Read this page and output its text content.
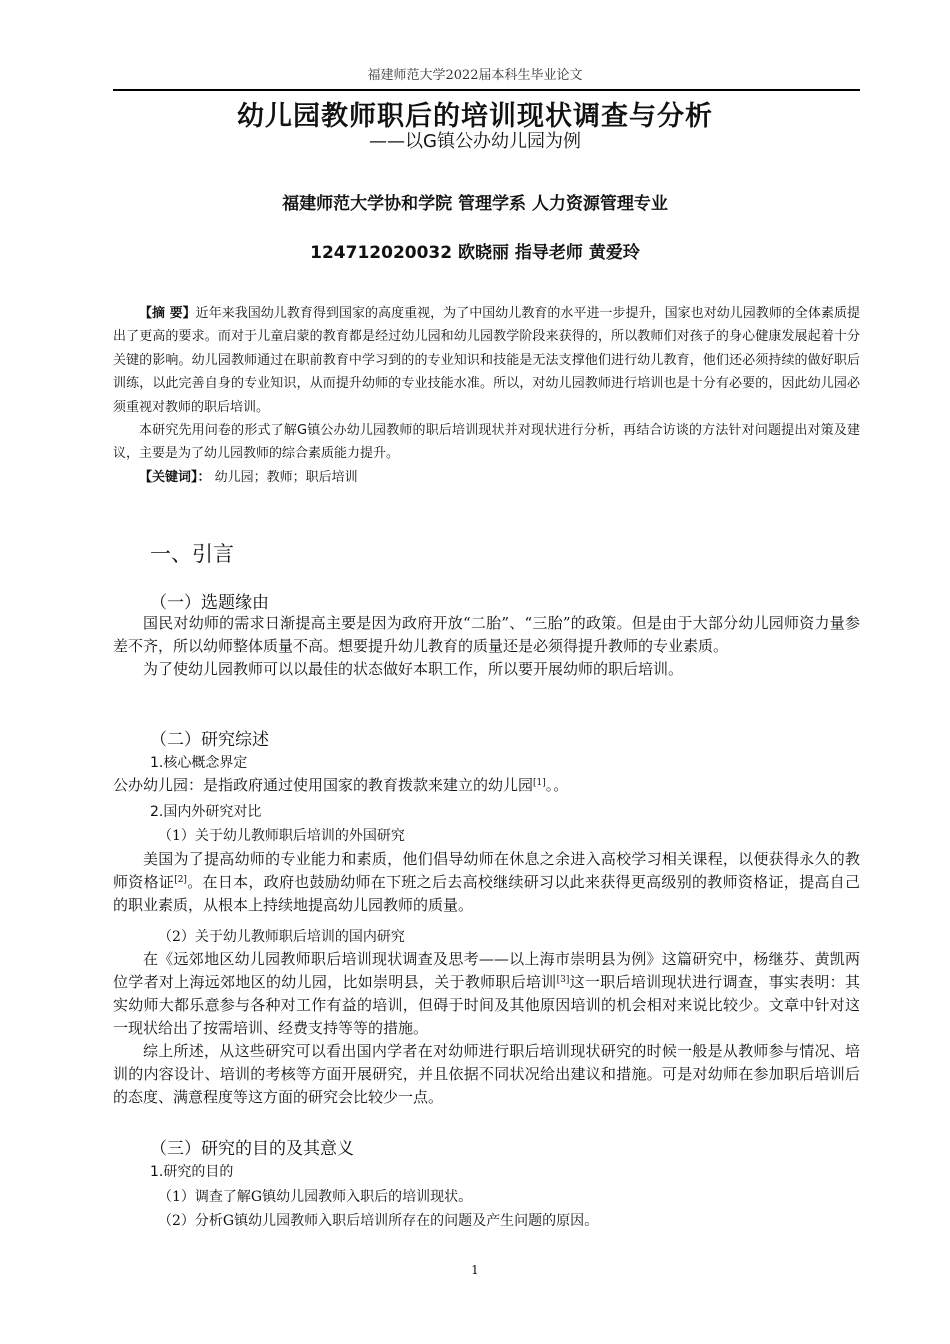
福建师范大学2022届本科生毕业论文
幼儿园教师职后的培训现状调查与分析
——以G镇公办幼儿园为例
福建师范大学协和学院 管理学系 人力资源管理专业
124712020032 欧晓丽 指导老师 黄爱玲

【摘 要】近年来我国幼儿教育得到国家的高度重视，为了中国幼儿教育的水平进一步提升，国家也对幼儿园教师的全体素质提出了更高的要求。而对于儿童启蒙的教育都是经过幼儿园和幼儿园教学阶段来获得的，所以教师们对孩子的身心健康发展起着十分关键的影响。幼儿园教师通过在职前教育中学习到的的专业知识和技能是无法支撑他们进行幼儿教育，他们还必须持续的做好职后训练，以此完善自身的专业知识，从而提升幼师的专业技能水准。所以，对幼儿园教师进行培训也是十分有必要的，因此幼儿园必须重视对教师的职后培训。

本研究先用问卷的形式了解G镇公办幼儿园教师的职后培训现状并对现状进行分析，再结合访谈的方法针对问题提出对策及建议，主要是为了幼儿园教师的综合素质能力提升。

【关键词】： 幼儿园；教师；职后培训

一、引言
（一）选题缘由

国民对幼师的需求日渐提高主要是因为政府开放“二胎”、“三胎”的政策。但是由于大部分幼儿园师资力量参差不齐，所以幼师整体质量不高。想要提升幼儿教育的质量还是必须得提升教师的专业素质。

为了使幼儿园教师可以以最佳的状态做好本职工作，所以要开展幼师的职后培训。

（二）研究综述
1.核心概念界定

公办幼儿园：是指政府通过使用国家的教育拨款来建立的幼儿园[1]。。

2.国内外研究对比
（1）关于幼儿教师职后培训的外国研究

美国为了提高幼师的专业能力和素质，他们倡导幼师在休息之余进入高校学习相关课程，以便获得永久的教师资格证[2]。在日本，政府也鼓励幼师在下班之后去高校继续研习以此来获得更高级别的教师资格证，提高自己的职业素质，从根本上持续地提高幼儿园教师的质量。

（2）关于幼儿教师职后培训的国内研究

在《远郊地区幼儿园教师职后培训现状调查及思考——以上海市崇明县为例》这篇研究中，杨继芬、黄凯两位学者对上海远郊地区的幼儿园，比如崇明县，关于教师职后培训[3]这一职后培训现状进行调查，事实表明：其实幼师大都乐意参与各种对工作有益的培训，但碍于时间及其他原因培训的机会相对来说比较少。文章中针对这一现状给出了按需培训、经费支持等等的措施。

综上所述，从这些研究可以看出国内学者在对幼师进行职后培训现状研究的时候一般是从教师参与情况、培训的内容设计、培训的考核等方面开展研究，并且依据不同状况给出建议和措施。可是对幼师在参加职后培训后的态度、满意程度等这方面的研究会比较少一点。

（三）研究的目的及其意义
1.研究的目的
（1）调查了解G镇幼儿园教师入职后的培训现状。
（2）分析G镇幼儿园教师入职后培训所存在的问题及产生问题的原因。
1
